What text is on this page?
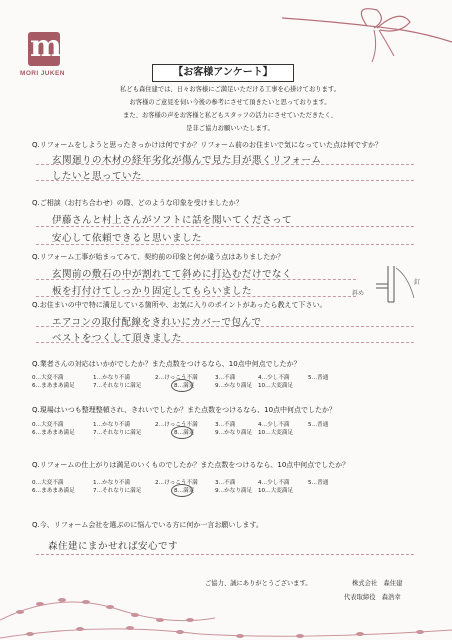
m
MORI JUKEN	【お客様アンケート】
私ども森住建では、日々お客様にご満足いただける工事を心掛けております。
お客様のご意見を伺い今後の参考にさせて頂きたいと思っております。
また、お客様の声をお客様と私どもスタッフの活力にさせていただきたく、
是非ご協力お願いいたします。
Q.リフォームをしようと思ったきっかけは何ですか？リフォーム前のお住まいで気になっていた点は何ですか？
玄関廻りの木材の経年劣化が傷んで見た目が悪くリフォーム
したいと思っていた
Q.ご相談（お打ち合わせ）の際、どのような印象を受けましたか？
伊藤さんと村上さんがソフトに話を聞いてくださって
安心して依頼できると思いました
Q.リフォーム工事が始まってみて、契約前の印象と何か違う点はありましたか？
玄関前の敷石の中が割れてて斜めに打込むだけでなく
板を打付けてしっかり固定してもらいました
釘
斜め
Q.お住まいの中で特に満足している箇所や、お気に入りのポイントがあったら教えて下さい。
エアコンの取付配線をきれいにカバーで包んで
ベストをつくして頂きました
Q.業者さんの対応はいかがでしたか？また点数をつけるなら、10点中何点でしたか？
0…大変不満	1…かなり不満	2…けっこう不満	3…不満	4…少し不満	5…普通
6…まあまあ満足	7…それなりに満足	8…満足	9…かなり満足 10…大変満足
Q.現場はいつも整理整頓され、きれいでしたか？また点数をつけるなら、10点中何点でしたか？
0…大変不満	1…かなり不満	2…けっこう不満	3…不満	4…少し不満	5…普通
6…まあまあ満足	7…それなりに満足	8…満足	9…かなり満足 10…大変満足
Q.リフォームの仕上がりは満足のいくものでしたか？また点数をつけるなら、10点中何点でしたか？
0…大変不満	1…かなり不満	2…けっこう不満	3…不満	4…少し不満	5…普通
6…まあまあ満足	7…それなりに満足	8…満足	9…かなり満足 10…大変満足
Q.今、リフォーム会社を選ぶのに悩んでいる方に何か一言お願いします。
森住建にまかせれば安心です
ご協力、誠にありがとうございます。	株式会社　森住建
代表取締役　森浩幸
